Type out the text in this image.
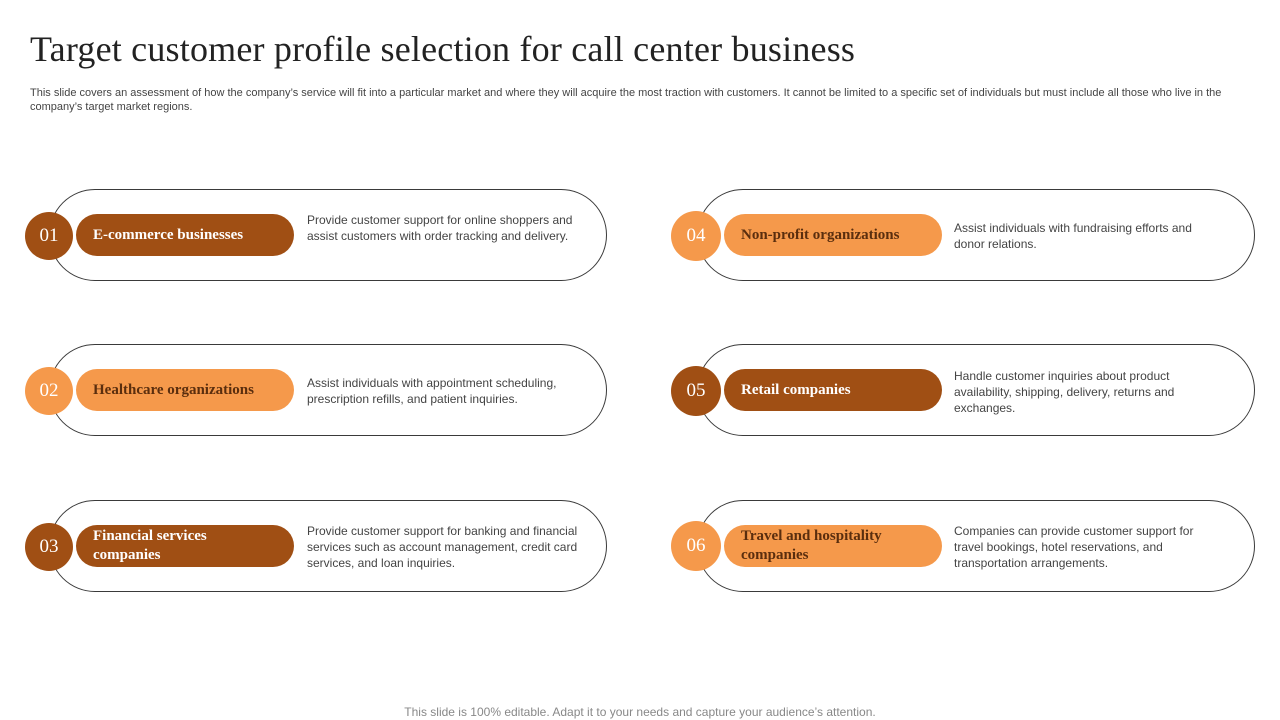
Target customer profile selection for call center business

This slide covers an assessment of how the company’s service will fit into a particular market and where they will acquire the most traction with customers. It cannot be limited to a specific set of individuals but must include all those who live in the company’s target market regions.

01	E-commerce businesses
Provide customer support for online shoppers and assist customers with order tracking and delivery.
02	Healthcare organizations	Assist individuals with appointment scheduling, prescription refills, and patient inquiries.
03	Financial services companies
Provide customer support for banking and financial services such as account management, credit card services, and loan inquiries.
04	Non-profit organizations	Assist individuals with fundraising efforts and donor relations.
05	Retail companies
Handle customer inquiries about product availability, shipping, delivery, returns and exchanges.
06	Travel and hospitality companies
Companies can provide customer support for travel bookings, hotel reservations, and transportation arrangements.
This slide is 100% editable. Adapt it to your needs and capture your audience’s attention.
